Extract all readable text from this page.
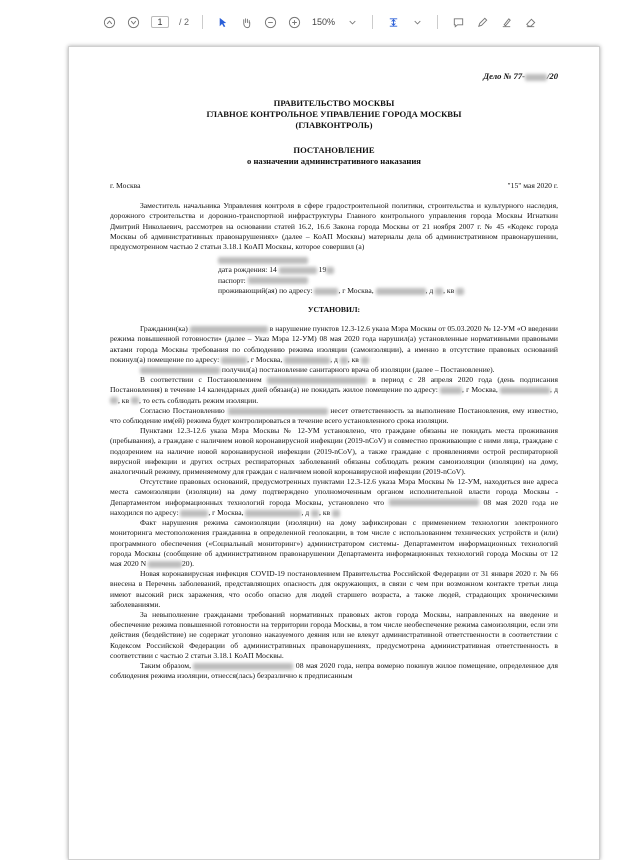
1	/ 2	150%
Дело № 77-	/20
ПРАВИТЕЛЬСТВО МОСКВЫ
ГЛАВНОЕ КОНТРОЛЬНОЕ УПРАВЛЕНИЕ ГОРОДА МОСКВЫ
(ГЛАВКОНТРОЛЬ)
ПОСТАНОВЛЕНИЕ
о назначении административного наказания
г. Москва	"15" мая 2020 г.

Заместитель начальника Управления контроля в сфере градостроительной политики, строительства и культурного наследия, дорожного строительства и дорожно-транспортной инфраструктуры Главного контрольного управления города Москвы Игнаткин Дмитрий Николаевич, рассмотрев на основании статей 16.2, 16.6 Закона города Москвы от 21 ноября 2007 г. № 45 «Кодекс города Москвы об административных правонарушениях» (далее – КоАП Москвы) материалы дела об административном правонарушении, предусмотренном частью 2 статьи 3.18.1 КоАП Москвы, которое совершил (а)

дата рождения: 14	19
паспорт:
проживающий(ая) по адресу:	, г Москва,	, д , кв
УСТАНОВИЛ:

Гражданин(ка)	в нарушение пунктов 12.3-12.6 указа Мэра Москвы от 05.03.2020 № 12-УМ «О введении режима повышенной готовности» (далее – Указ Мэра 12-УМ) 08 мая 2020 года нарушил(а) установленные нормативными правовыми актами города Москвы требования по соблюдению режима изоляции (самоизоляции), а именно в отсутствие правовых оснований покинул(а) помещение по адресу:	, г Москва,	, д , кв
получил(а) постановление санитарного врача об изоляции (далее – Постановление).

В соответствии с Постановлением	в период с 28 апреля 2020 года (день подписания Постановления) в течение 14 календарных дней обязан(а) не покидать жилое помещение по адресу:	, г Москва,	, д , кв , то есть соблюдать режим изоляции.

Согласно Постановлению	несет ответственность за выполнение Постановления, ему известно, что соблюдение им(ей) режима будет контролироваться в течение всего установленного срока изоляции.

Пунктами 12.3-12.6 указа Мэра Москвы № 12-УМ установлено, что граждане обязаны не покидать места проживания (пребывания), а граждане с наличием новой коронавирусной инфекции (2019-nCoV) и совместно проживающие с ними лица, граждане с подозрением на наличие новой коронавирусной инфекции (2019-nCoV), а также граждане с проявлениями острой респираторной вирусной инфекции и других острых респираторных заболеваний обязаны соблюдать режим самоизоляции (изоляции) на дому, аналогичный режиму, применяемому для граждан с наличием новой коронавирусной инфекции (2019-nCoV).

Отсутствие правовых оснований, предусмотренных пунктами 12.3-12.6 указа Мэра Москвы № 12-УМ, находиться вне адреса места самоизоляции (изоляции) на дому подтверждено уполномоченным органом исполнительной власти города Москвы - Департаментом информационных технологий города Москвы, установлено что	08 мая 2020 года не находился по адресу:	, г Москва,	, д , кв

Факт нарушения режима самоизоляции (изоляции) на дому зафиксирован с применением технологии электронного мониторинга местоположения гражданина в определенной геолокации, в том числе с использованием технических устройств и (или) программного обеспечения («Социальный мониторинг») администратором системы- Департаментом информационных технологий города Москвы (сообщение об административном правонарушении Департамента информационных технологий города Москвы от 12 мая 2020 N	20).

Новая коронавирусная инфекция COVID-19 постановлением Правительства Российской Федерации от 31 января 2020 г. № 66 внесена в Перечень заболеваний, представляющих опасность для окружающих, в связи с чем при возможном контакте третьи лица имеют высокий риск заражения, что особо опасно для людей старшего возраста, а также людей, страдающих хроническими заболеваниями.

За невыполнение гражданами требований нормативных правовых актов города Москвы, направленных на введение и обеспечение режима повышенной готовности на территории города Москвы, в том числе необеспечение режима самоизоляции, если эти действия (бездействие) не содержат уголовно наказуемого деяния или не влекут административной ответственности в соответствии с Кодексом Российской Федерации об административных правонарушениях, предусмотрена административная ответственность в соответствии с частью 2 статьи 3.18.1 КоАП Москвы.

Таким образом,	08 мая 2020 года, непра вомерно покинув жилое помещение, определенное для соблюдения режима изоляции, отнесся(лась) безразлично к предписанным
